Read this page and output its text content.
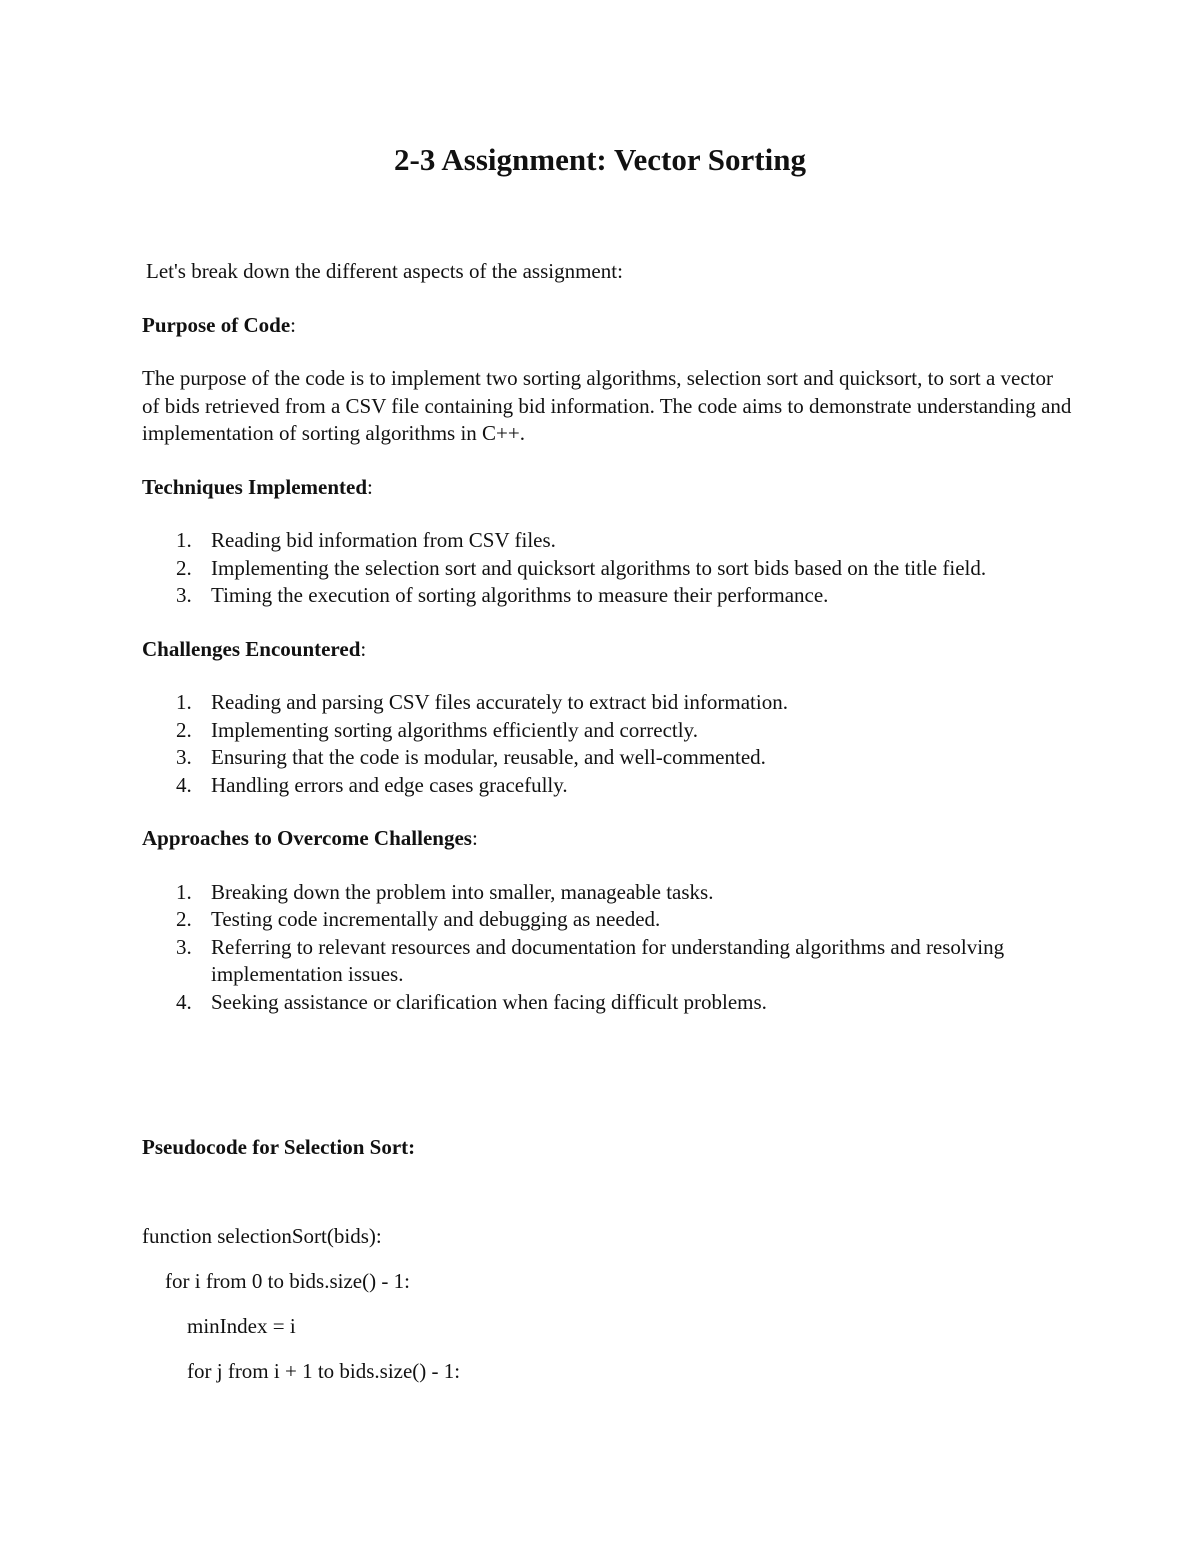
2-3 Assignment: Vector Sorting

Let's break down the different aspects of the assignment:

Purpose of Code:

The purpose of the code is to implement two sorting algorithms, selection sort and quicksort, to sort a vector of bids retrieved from a CSV file containing bid information. The code aims to demonstrate understanding and implementation of sorting algorithms in C++.

Techniques Implemented:

1. Reading bid information from CSV files.
2. Implementing the selection sort and quicksort algorithms to sort bids based on the title field.
3. Timing the execution of sorting algorithms to measure their performance.

Challenges Encountered:

1. Reading and parsing CSV files accurately to extract bid information.
2. Implementing sorting algorithms efficiently and correctly.
3. Ensuring that the code is modular, reusable, and well-commented.
4. Handling errors and edge cases gracefully.

Approaches to Overcome Challenges:

1. Breaking down the problem into smaller, manageable tasks.
2. Testing code incrementally and debugging as needed.
3. Referring to relevant resources and documentation for understanding algorithms and resolving implementation issues.
4. Seeking assistance or clarification when facing difficult problems.

Pseudocode for Selection Sort:

function selectionSort(bids):

for i from 0 to bids.size() - 1:

minIndex = i

for j from i + 1 to bids.size() - 1:
